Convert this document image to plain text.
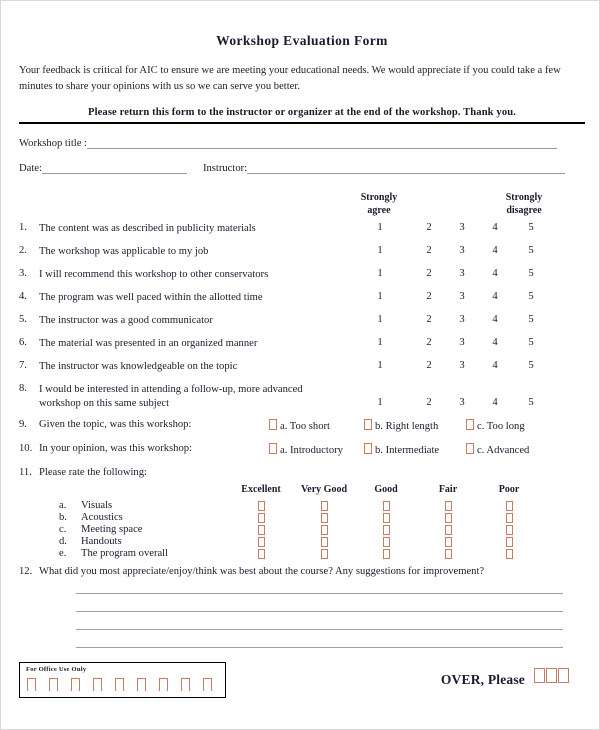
Workshop Evaluation Form
Your feedback is critical for AIC to ensure we are meeting your educational needs. We would appreciate if you could take a few minutes to share your opinions with us so we can serve you better.
Please return this form to the instructor or organizer at the end of the workshop. Thank you.
Workshop title :
Date:	Instructor:
Strongly
agree
Strongly
disagree
1.	The content was as described in publicity materials	1	2	3	4	5
2.	The workshop was applicable to my job	1	2	3	4	5
3.	I will recommend this workshop to other conservators	1	2	3	4	5
4.	The program was well paced within the allotted time	1	2	3	4	5
5.	The instructor was a good communicator	1	2	3	4	5
6.	The material was presented in an organized manner	1	2	3	4	5
7.	The instructor was knowledgeable on the topic	1	2	3	4	5
8.	I would be interested in attending a follow-up, more advanced workshop on this same subject	1	2	3	4	5
9.	Given the topic, was this workshop:	a. Too short	b. Right length	c. Too long
10. In your opinion, was this workshop:	a. Introductory	b. Intermediate	c. Advanced
11. Please rate the following:
Excellent	Very Good	Good	Fair	Poor
a. Visuals
b. Acoustics
c. Meeting space
d. Handouts
e. The program overall
12. What did you most appreciate/enjoy/think was best about the course? Any suggestions for improvement?
For Office Use Only
OVER, Please
